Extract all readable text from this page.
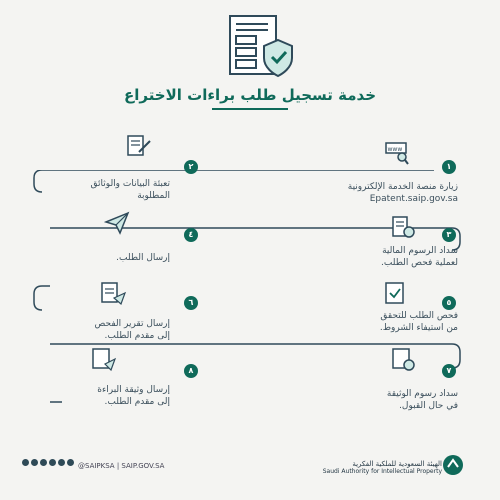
خدمة تسجيل طلب براءات الاختراع
١
www
زيارة منصة الخدمة الإلكترونية
Epatent.saip.gov.sa
٢
تعبئة البيانات والوثائق
المطلوبة
٣
سداد الرسوم المالية
لعملية فحص الطلب.
٤
إرسال الطلب.
٥
فحص الطلب للتحقق
من استيفاء الشروط.
٦
إرسال تقرير الفحص
إلى مقدم الطلب.
٧
سداد رسوم الوثيقة
في حال القبول.
٨
إرسال وثيقة البراءة
إلى مقدم الطلب.
@SAIPKSA | SAIP.GOV.SA	الهيئة السعودية للملكية الفكرية
Saudi Authority for Intellectual Property
